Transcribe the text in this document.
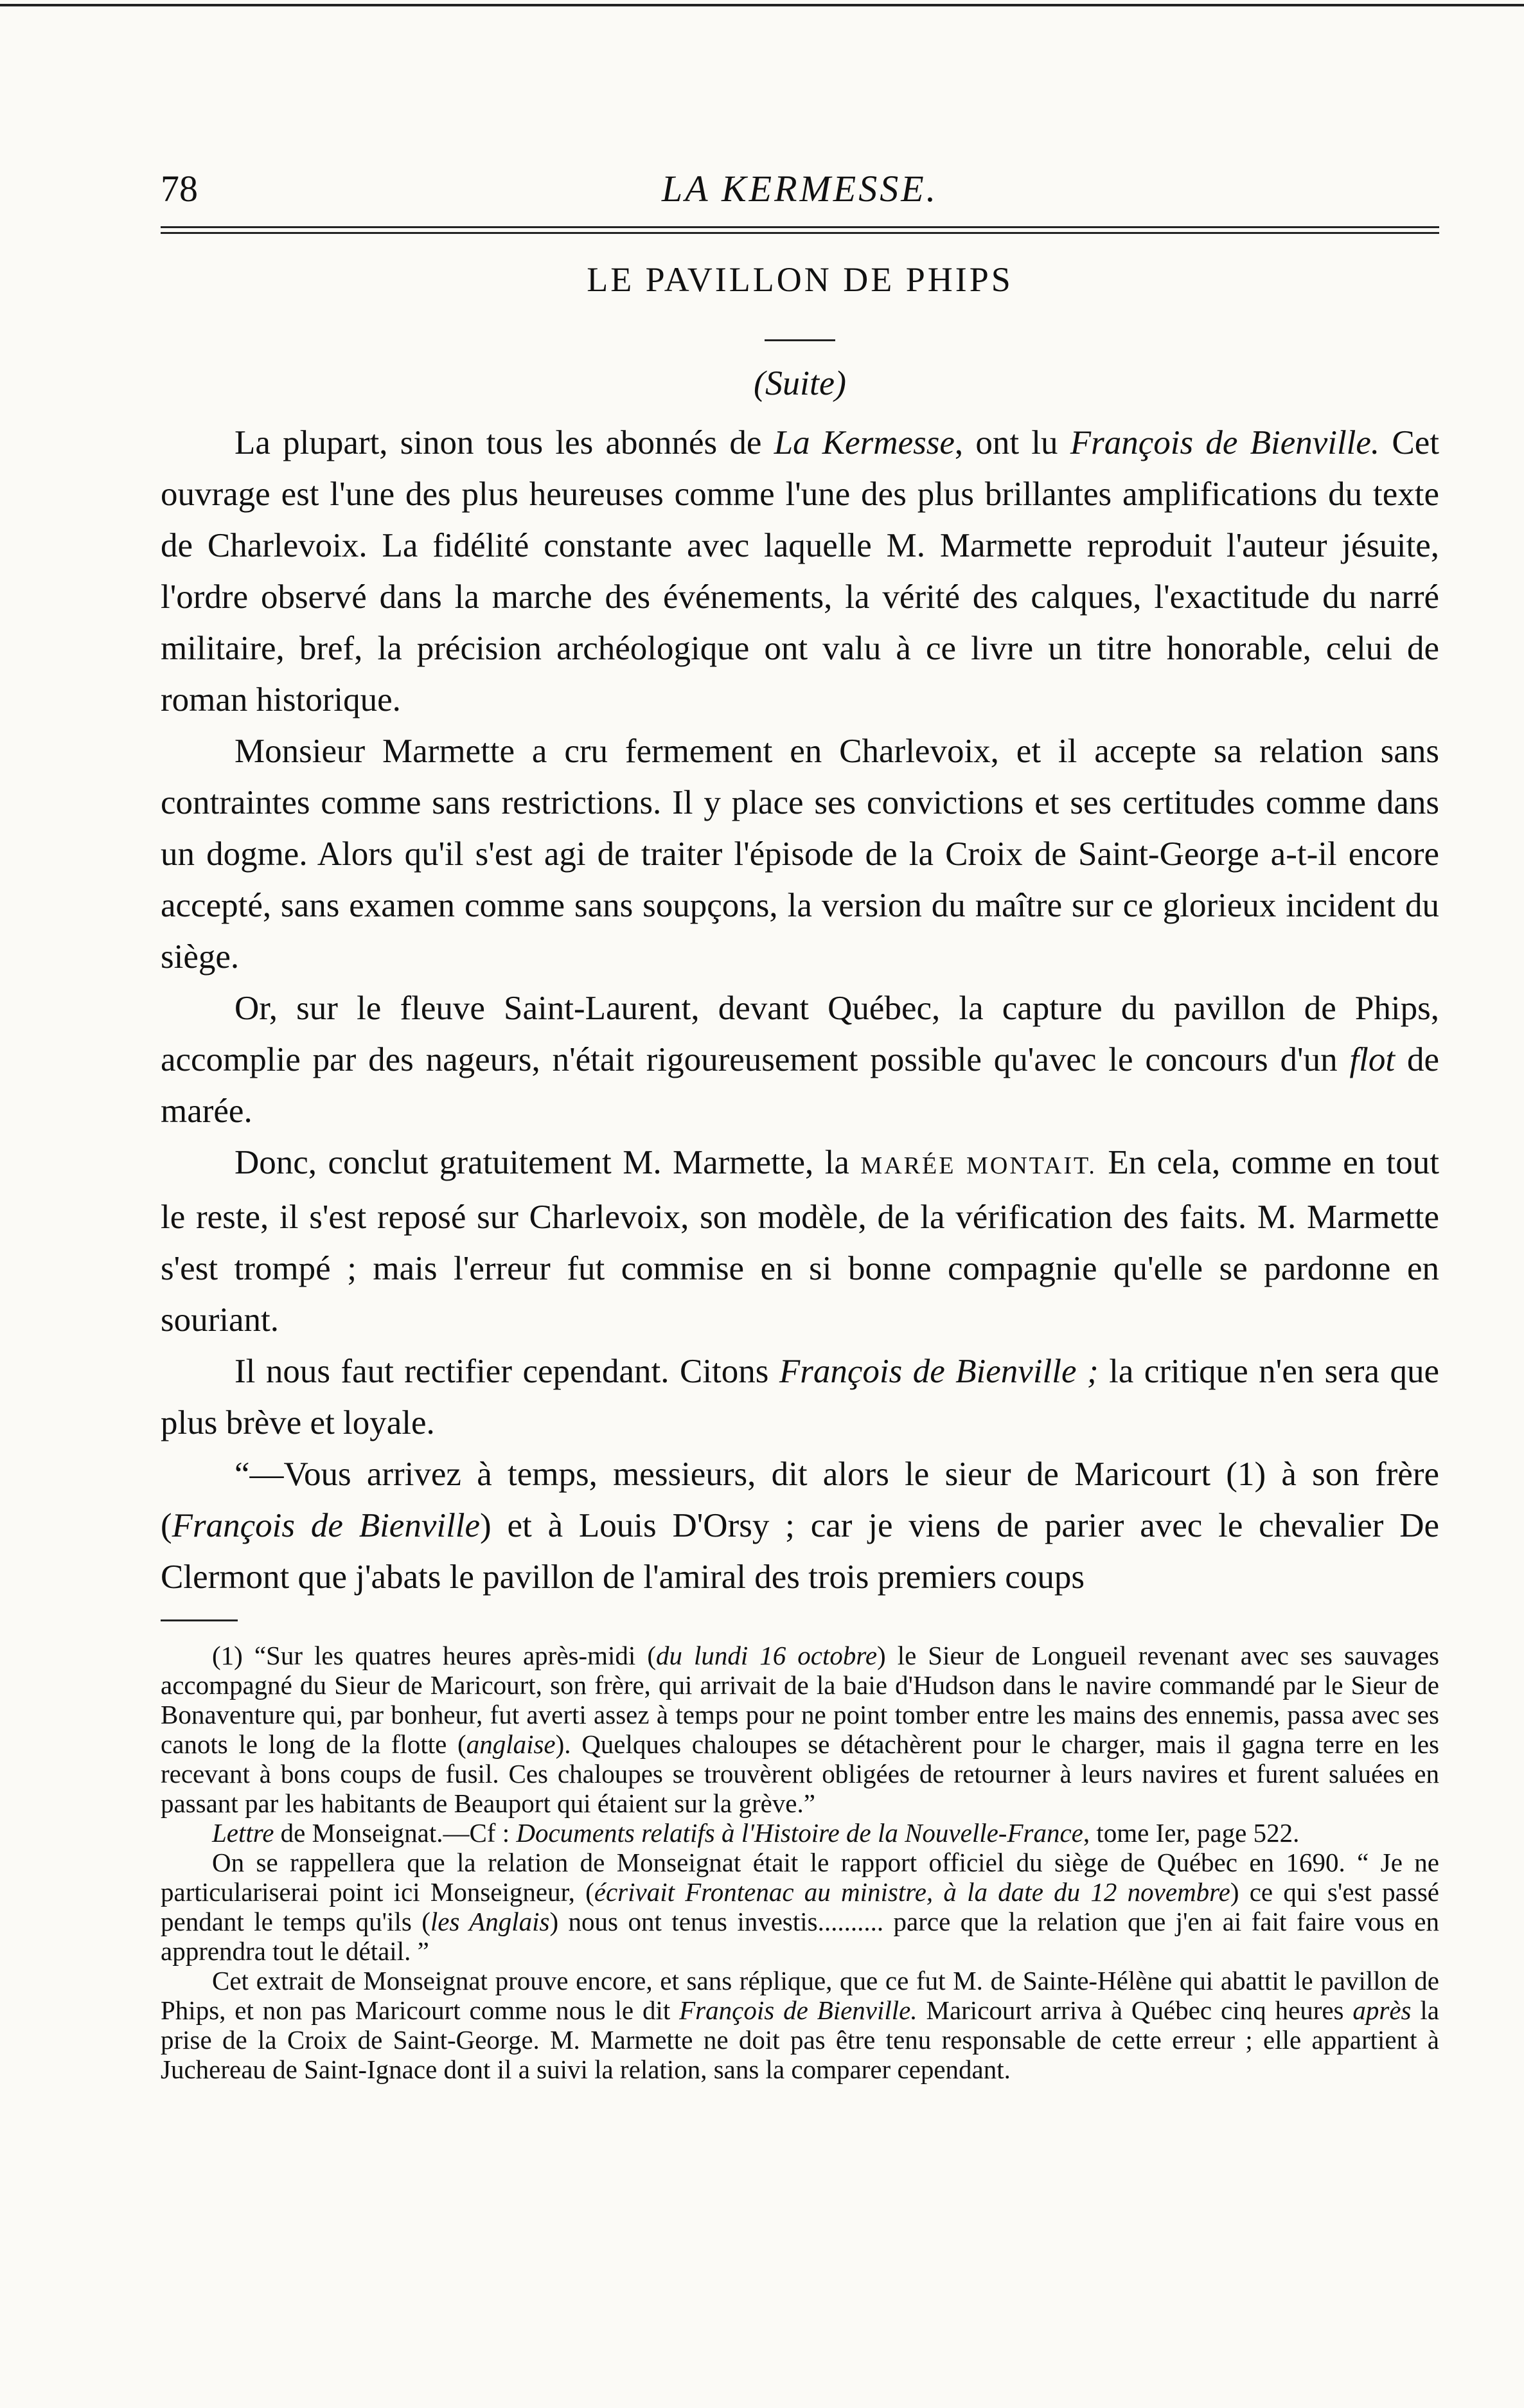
78	LA KERMESSE.
LE PAVILLON DE PHIPS
(Suite)

La plupart, sinon tous les abonnés de La Kermesse, ont lu François de Bienville. Cet ouvrage est l'une des plus heureuses comme l'une des plus brillantes amplifications du texte de Charlevoix. La fidélité constante avec laquelle M. Marmette reproduit l'auteur jésuite, l'ordre observé dans la marche des événements, la vérité des calques, l'exactitude du narré militaire, bref, la précision archéologique ont valu à ce livre un titre honorable, celui de roman historique.

Monsieur Marmette a cru fermement en Charlevoix, et il accepte sa relation sans contraintes comme sans restrictions. Il y place ses convictions et ses certitudes comme dans un dogme. Alors qu'il s'est agi de traiter l'épisode de la Croix de Saint-George a-t-il encore accepté, sans examen comme sans soupçons, la version du maître sur ce glorieux incident du siège.

Or, sur le fleuve Saint-Laurent, devant Québec, la capture du pavillon de Phips, accomplie par des nageurs, n'était rigoureusement possible qu'avec le concours d'un flot de marée.

Donc, conclut gratuitement M. Marmette, la MARÉE MONTAIT. En cela, comme en tout le reste, il s'est reposé sur Charlevoix, son modèle, de la vérification des faits. M. Marmette s'est trompé ; mais l'erreur fut commise en si bonne compagnie qu'elle se pardonne en souriant.

Il nous faut rectifier cependant. Citons François de Bienville ; la critique n'en sera que plus brève et loyale.

“—Vous arrivez à temps, messieurs, dit alors le sieur de Maricourt (1) à son frère (François de Bienville) et à Louis D'Orsy ; car je viens de parier avec le chevalier De Clermont que j'abats le pavillon de l'amiral des trois premiers coups

(1) “Sur les quatres heures après-midi (du lundi 16 octobre) le Sieur de Longueil revenant avec ses sauvages accompagné du Sieur de Maricourt, son frère, qui arrivait de la baie d'Hudson dans le navire commandé par le Sieur de Bonaventure qui, par bonheur, fut averti assez à temps pour ne point tomber entre les mains des ennemis, passa avec ses canots le long de la flotte (anglaise). Quelques chaloupes se détachèrent pour le charger, mais il gagna terre en les recevant à bons coups de fusil. Ces chaloupes se trouvèrent obligées de retourner à leurs navires et furent saluées en passant par les habitants de Beauport qui étaient sur la grève.”

Lettre de Monseignat.—Cf : Documents relatifs à l'Histoire de la Nouvelle-France, tome Ier, page 522.

On se rappellera que la relation de Monseignat était le rapport officiel du siège de Québec en 1690. “ Je ne particulariserai point ici Monseigneur, (écrivait Frontenac au ministre, à la date du 12 novembre) ce qui s'est passé pendant le temps qu'ils (les Anglais) nous ont tenus investis.......... parce que la relation que j'en ai fait faire vous en apprendra tout le détail. ”

Cet extrait de Monseignat prouve encore, et sans réplique, que ce fut M. de Sainte-Hélène qui abattit le pavillon de Phips, et non pas Maricourt comme nous le dit François de Bienville. Maricourt arriva à Québec cinq heures après la prise de la Croix de Saint-George. M. Marmette ne doit pas être tenu responsable de cette erreur ; elle appartient à Juchereau de Saint-Ignace dont il a suivi la relation, sans la comparer cependant.
